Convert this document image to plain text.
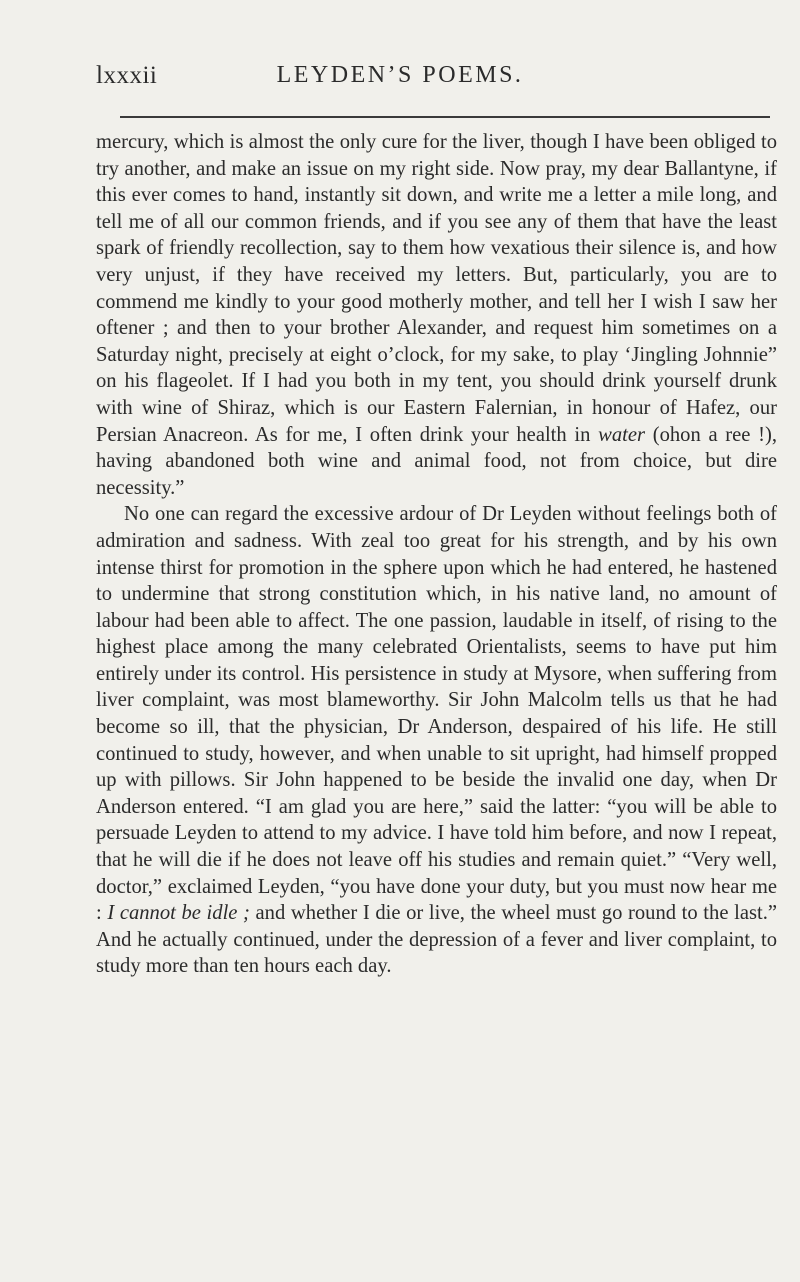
lxxxii	LEYDEN’S POEMS.

mercury, which is almost the only cure for the liver, though I have been obliged to try another, and make an issue on my right side. Now pray, my dear Ballantyne, if this ever comes to hand, instantly sit down, and write me a letter a mile long, and tell me of all our common friends, and if you see any of them that have the least spark of friendly recollection, say to them how vexatious their silence is, and how very unjust, if they have received my letters. But, particularly, you are to commend me kindly to your good motherly mother, and tell her I wish I saw her oftener ; and then to your brother Alexander, and request him sometimes on a Saturday night, precisely at eight o’clock, for my sake, to play ‘Jingling Johnnie” on his flageolet. If I had you both in my tent, you should drink yourself drunk with wine of Shiraz, which is our Eastern Falernian, in honour of Hafez, our Persian Anacreon. As for me, I often drink your health in water (ohon a ree !), having abandoned both wine and animal food, not from choice, but dire necessity.”

No one can regard the excessive ardour of Dr Leyden without feelings both of admiration and sadness. With zeal too great for his strength, and by his own intense thirst for promotion in the sphere upon which he had entered, he hastened to undermine that strong constitution which, in his native land, no amount of labour had been able to affect. The one passion, laudable in itself, of rising to the highest place among the many celebrated Orientalists, seems to have put him entirely under its control. His persistence in study at Mysore, when suffering from liver complaint, was most blameworthy. Sir John Malcolm tells us that he had become so ill, that the physician, Dr Anderson, despaired of his life. He still continued to study, however, and when unable to sit upright, had himself propped up with pillows. Sir John happened to be beside the invalid one day, when Dr Anderson entered. “I am glad you are here,” said the latter: “you will be able to persuade Leyden to attend to my advice. I have told him before, and now I repeat, that he will die if he does not leave off his studies and remain quiet.” “Very well, doctor,” exclaimed Leyden, “you have done your duty, but you must now hear me : I cannot be idle ; and whether I die or live, the wheel must go round to the last.” And he actually continued, under the depression of a fever and liver complaint, to study more than ten hours each day.
